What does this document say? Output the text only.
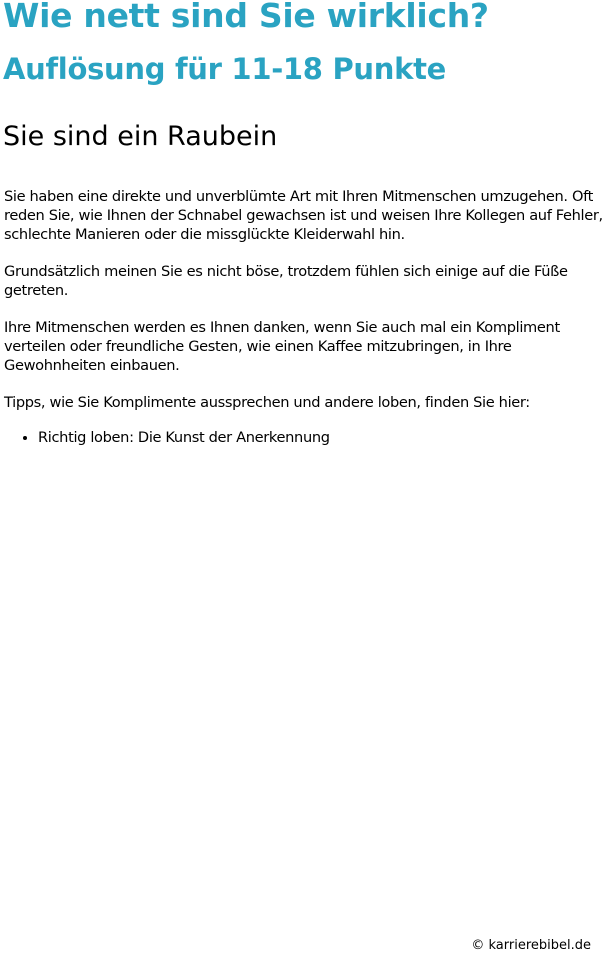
Wie nett sind Sie wirklich?
Auflösung für 11-18 Punkte
Sie sind ein Raubein

Sie haben eine direkte und unverblümte Art mit Ihren Mitmenschen umzugehen. Oft reden Sie, wie Ihnen der Schnabel gewachsen ist und weisen Ihre Kollegen auf Fehler, schlechte Manieren oder die missglückte Kleiderwahl hin.

Grundsätzlich meinen Sie es nicht böse, trotzdem fühlen sich einige auf die Füße getreten.

Ihre Mitmenschen werden es Ihnen danken, wenn Sie auch mal ein Kompliment verteilen oder freundliche Gesten, wie einen Kaffee mitzubringen, in Ihre Gewohnheiten einbauen.

Tipps, wie Sie Komplimente aussprechen und andere loben, finden Sie hier:

• Richtig loben: Die Kunst der Anerkennung
© karrierebibel.de
